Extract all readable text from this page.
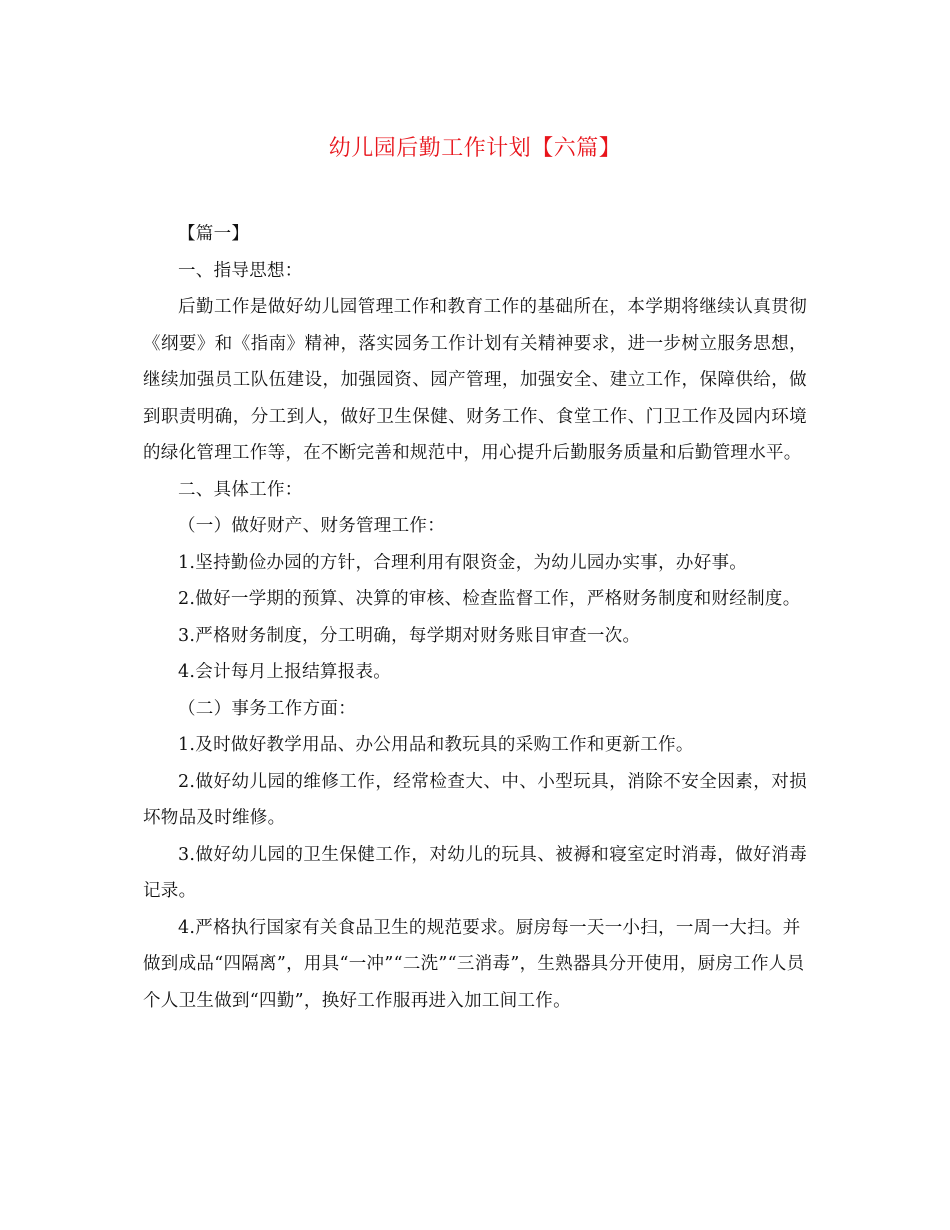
幼儿园后勤工作计划【六篇】

【篇一】

一、指导思想：

后勤工作是做好幼儿园管理工作和教育工作的基础所在，本学期将继续认真贯彻《纲要》和《指南》精神，落实园务工作计划有关精神要求，进一步树立服务思想，继续加强员工队伍建设，加强园资、园产管理，加强安全、建立工作，保障供给，做到职责明确，分工到人，做好卫生保健、财务工作、食堂工作、门卫工作及园内环境的绿化管理工作等，在不断完善和规范中，用心提升后勤服务质量和后勤管理水平。

二、具体工作：

（一）做好财产、财务管理工作：

1.坚持勤俭办园的方针，合理利用有限资金，为幼儿园办实事，办好事。

2.做好一学期的预算、决算的审核、检查监督工作，严格财务制度和财经制度。

3.严格财务制度，分工明确，每学期对财务账目审查一次。

4.会计每月上报结算报表。

（二）事务工作方面：

1.及时做好教学用品、办公用品和教玩具的采购工作和更新工作。

2.做好幼儿园的维修工作，经常检查大、中、小型玩具，消除不安全因素，对损坏物品及时维修。

3.做好幼儿园的卫生保健工作，对幼儿的玩具、被褥和寝室定时消毒，做好消毒记录。

4.严格执行国家有关食品卫生的规范要求。厨房每一天一小扫，一周一大扫。并做到成品“四隔离”，用具“一冲”“二洗”“三消毒”，生熟器具分开使用，厨房工作人员个人卫生做到“四勤”，换好工作服再进入加工间工作。
